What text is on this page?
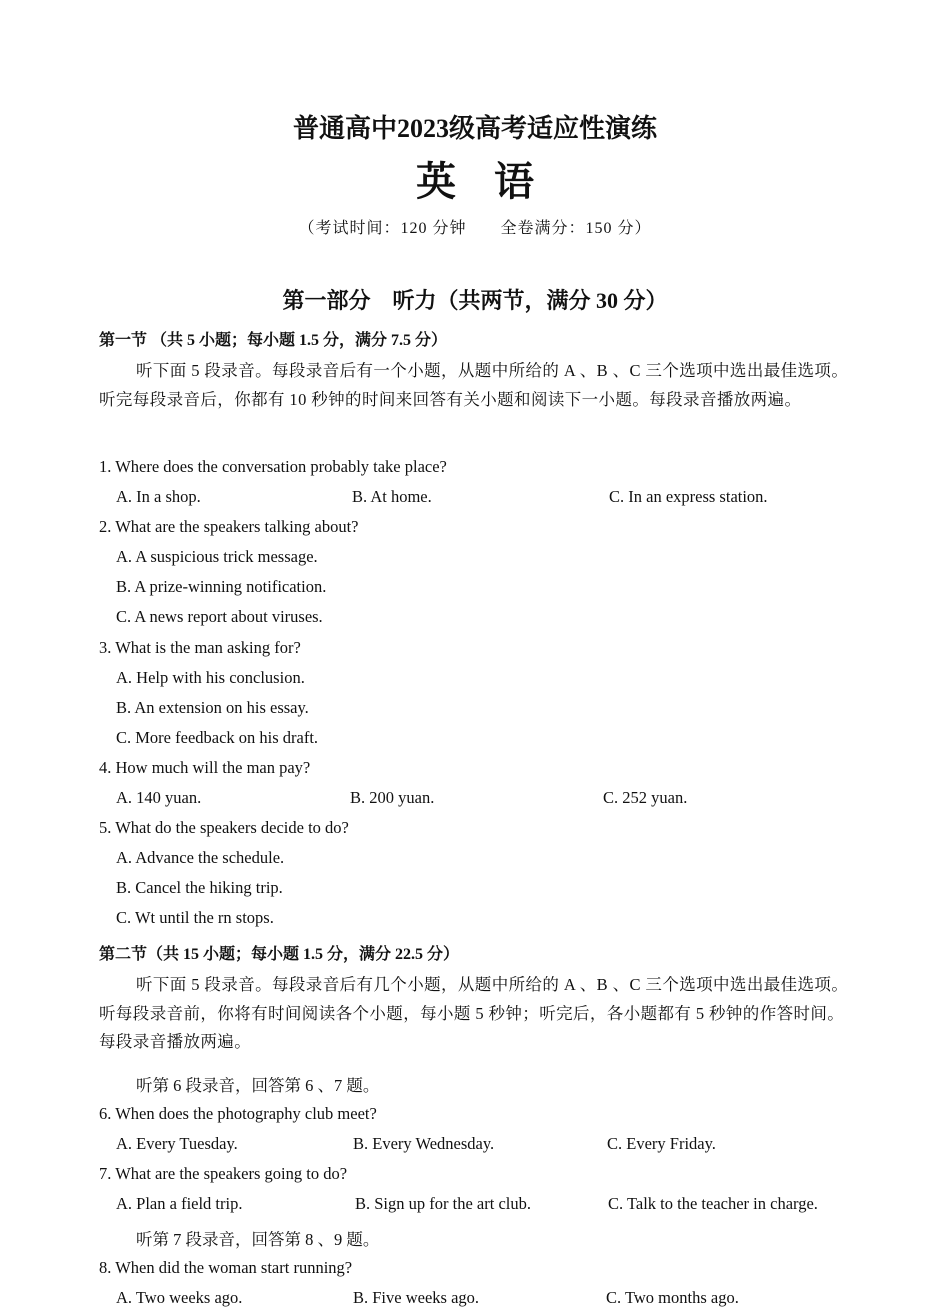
普通高中2023级高考适应性演练
英语
（考试时间：120 分钟　　全卷满分：150 分）
第一部分　听力（共两节，满分 30 分）
第一节 （共 5 小题；每小题 1.5 分，满分 7.5 分）
听下面 5 段录音。每段录音后有一个小题，从题中所给的 A 、B 、C 三个选项中选出最佳选项。听完每段录音后，你都有 10 秒钟的时间来回答有关小题和阅读下一小题。每段录音播放两遍。
1. Where does the conversation probably take place?
A. In a shop.	B. At home.	C. In an express station.
2. What are the speakers talking about?
A. A suspicious trick message.
B. A prize-winning notification.
C. A news report about viruses.
3. What is the man asking for?
A. Help with his conclusion.
B. An extension on his essay.
C. More feedback on his draft.
4. How much will the man pay?
A. 140 yuan.	B. 200 yuan.	C. 252 yuan.
5. What do the speakers decide to do?
A. Advance the schedule.
B. Cancel the hiking trip.
C. Wt until the rn stops.
第二节（共 15 小题；每小题 1.5 分，满分 22.5 分）
听下面 5 段录音。每段录音后有几个小题，从题中所给的 A 、B 、C 三个选项中选出最佳选项。听每段录音前，你将有时间阅读各个小题，每小题 5 秒钟；听完后，各小题都有 5 秒钟的作答时间。每段录音播放两遍。
听第 6 段录音，回答第 6 、7 题。
6. When does the photography club meet?
A. Every Tuesday.	B. Every Wednesday.	C. Every Friday.
7. What are the speakers going to do?
A. Plan a field trip.	B. Sign up for the art club.	C. Talk to the teacher in charge.
听第 7 段录音，回答第 8 、9 题。
8. When did the woman start running?
A. Two weeks ago.	B. Five weeks ago.	C. Two months ago.
